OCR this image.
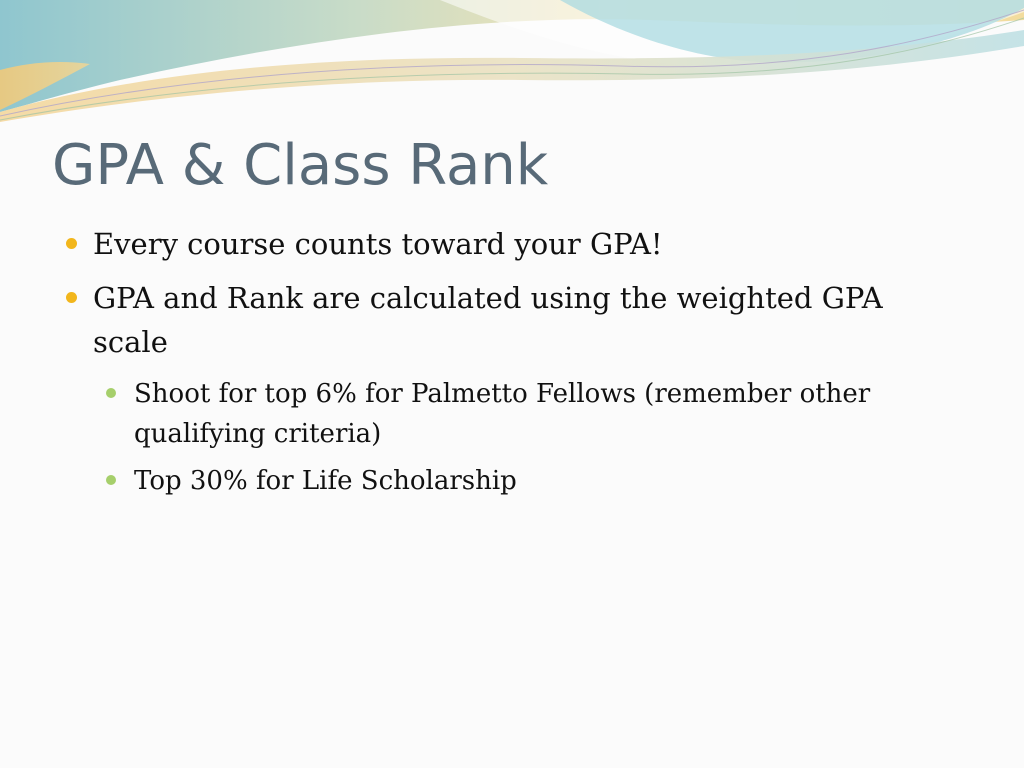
GPA & Class Rank
Every course counts toward your GPA!
GPA and Rank are calculated using the weighted GPA scale
Shoot for top 6% for Palmetto Fellows (remember other qualifying criteria)
Top 30% for Life Scholarship
